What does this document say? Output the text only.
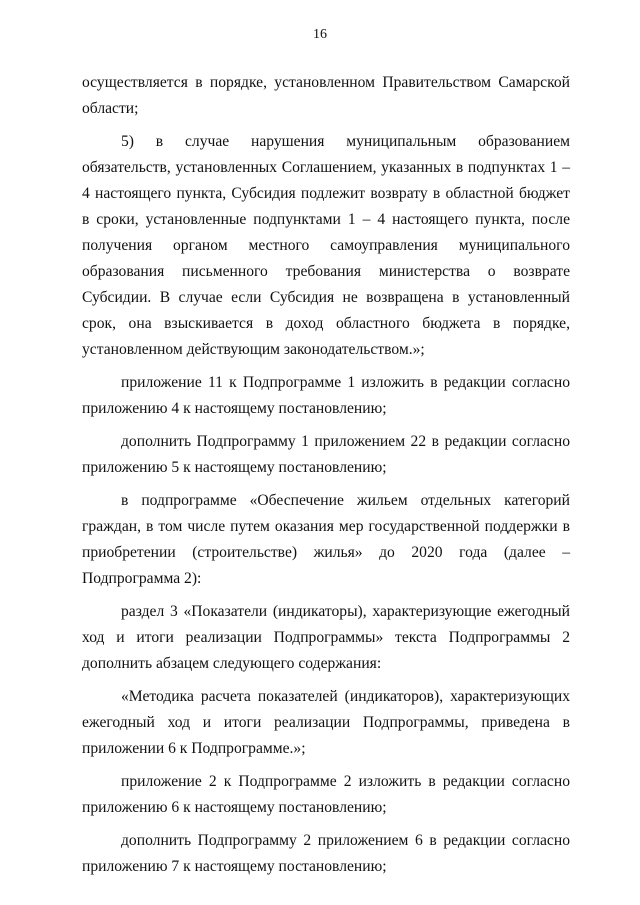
16

осуществляется в порядке, установленном Правительством Самарской области;

5) в случае нарушения муниципальным образованием обязательств, установленных Соглашением, указанных в подпунктах 1 – 4 настоящего пункта, Субсидия подлежит возврату в областной бюджет в сроки, установленные подпунктами 1 – 4 настоящего пункта, после получения органом местного самоуправления муниципального образования письменного требования министерства о возврате Субсидии. В случае если Субсидия не возвращена в установленный срок, она взыскивается в доход областного бюджета в порядке, установленном действующим законодательством.»;

приложение 11 к Подпрограмме 1 изложить в редакции согласно приложению 4 к настоящему постановлению;

дополнить Подпрограмму 1 приложением 22 в редакции согласно приложению 5 к настоящему постановлению;

в подпрограмме «Обеспечение жильем отдельных категорий граждан, в том числе путем оказания мер государственной поддержки в приобретении (строительстве) жилья» до 2020 года (далее – Подпрограмма 2):

раздел 3 «Показатели (индикаторы), характеризующие ежегодный ход и итоги реализации Подпрограммы» текста Подпрограммы 2 дополнить абзацем следующего содержания:

«Методика расчета показателей (индикаторов), характеризующих ежегодный ход и итоги реализации Подпрограммы, приведена в приложении 6 к Подпрограмме.»;

приложение 2 к Подпрограмме 2 изложить в редакции согласно приложению 6 к настоящему постановлению;

дополнить Подпрограмму 2 приложением 6 в редакции согласно приложению 7 к настоящему постановлению;
